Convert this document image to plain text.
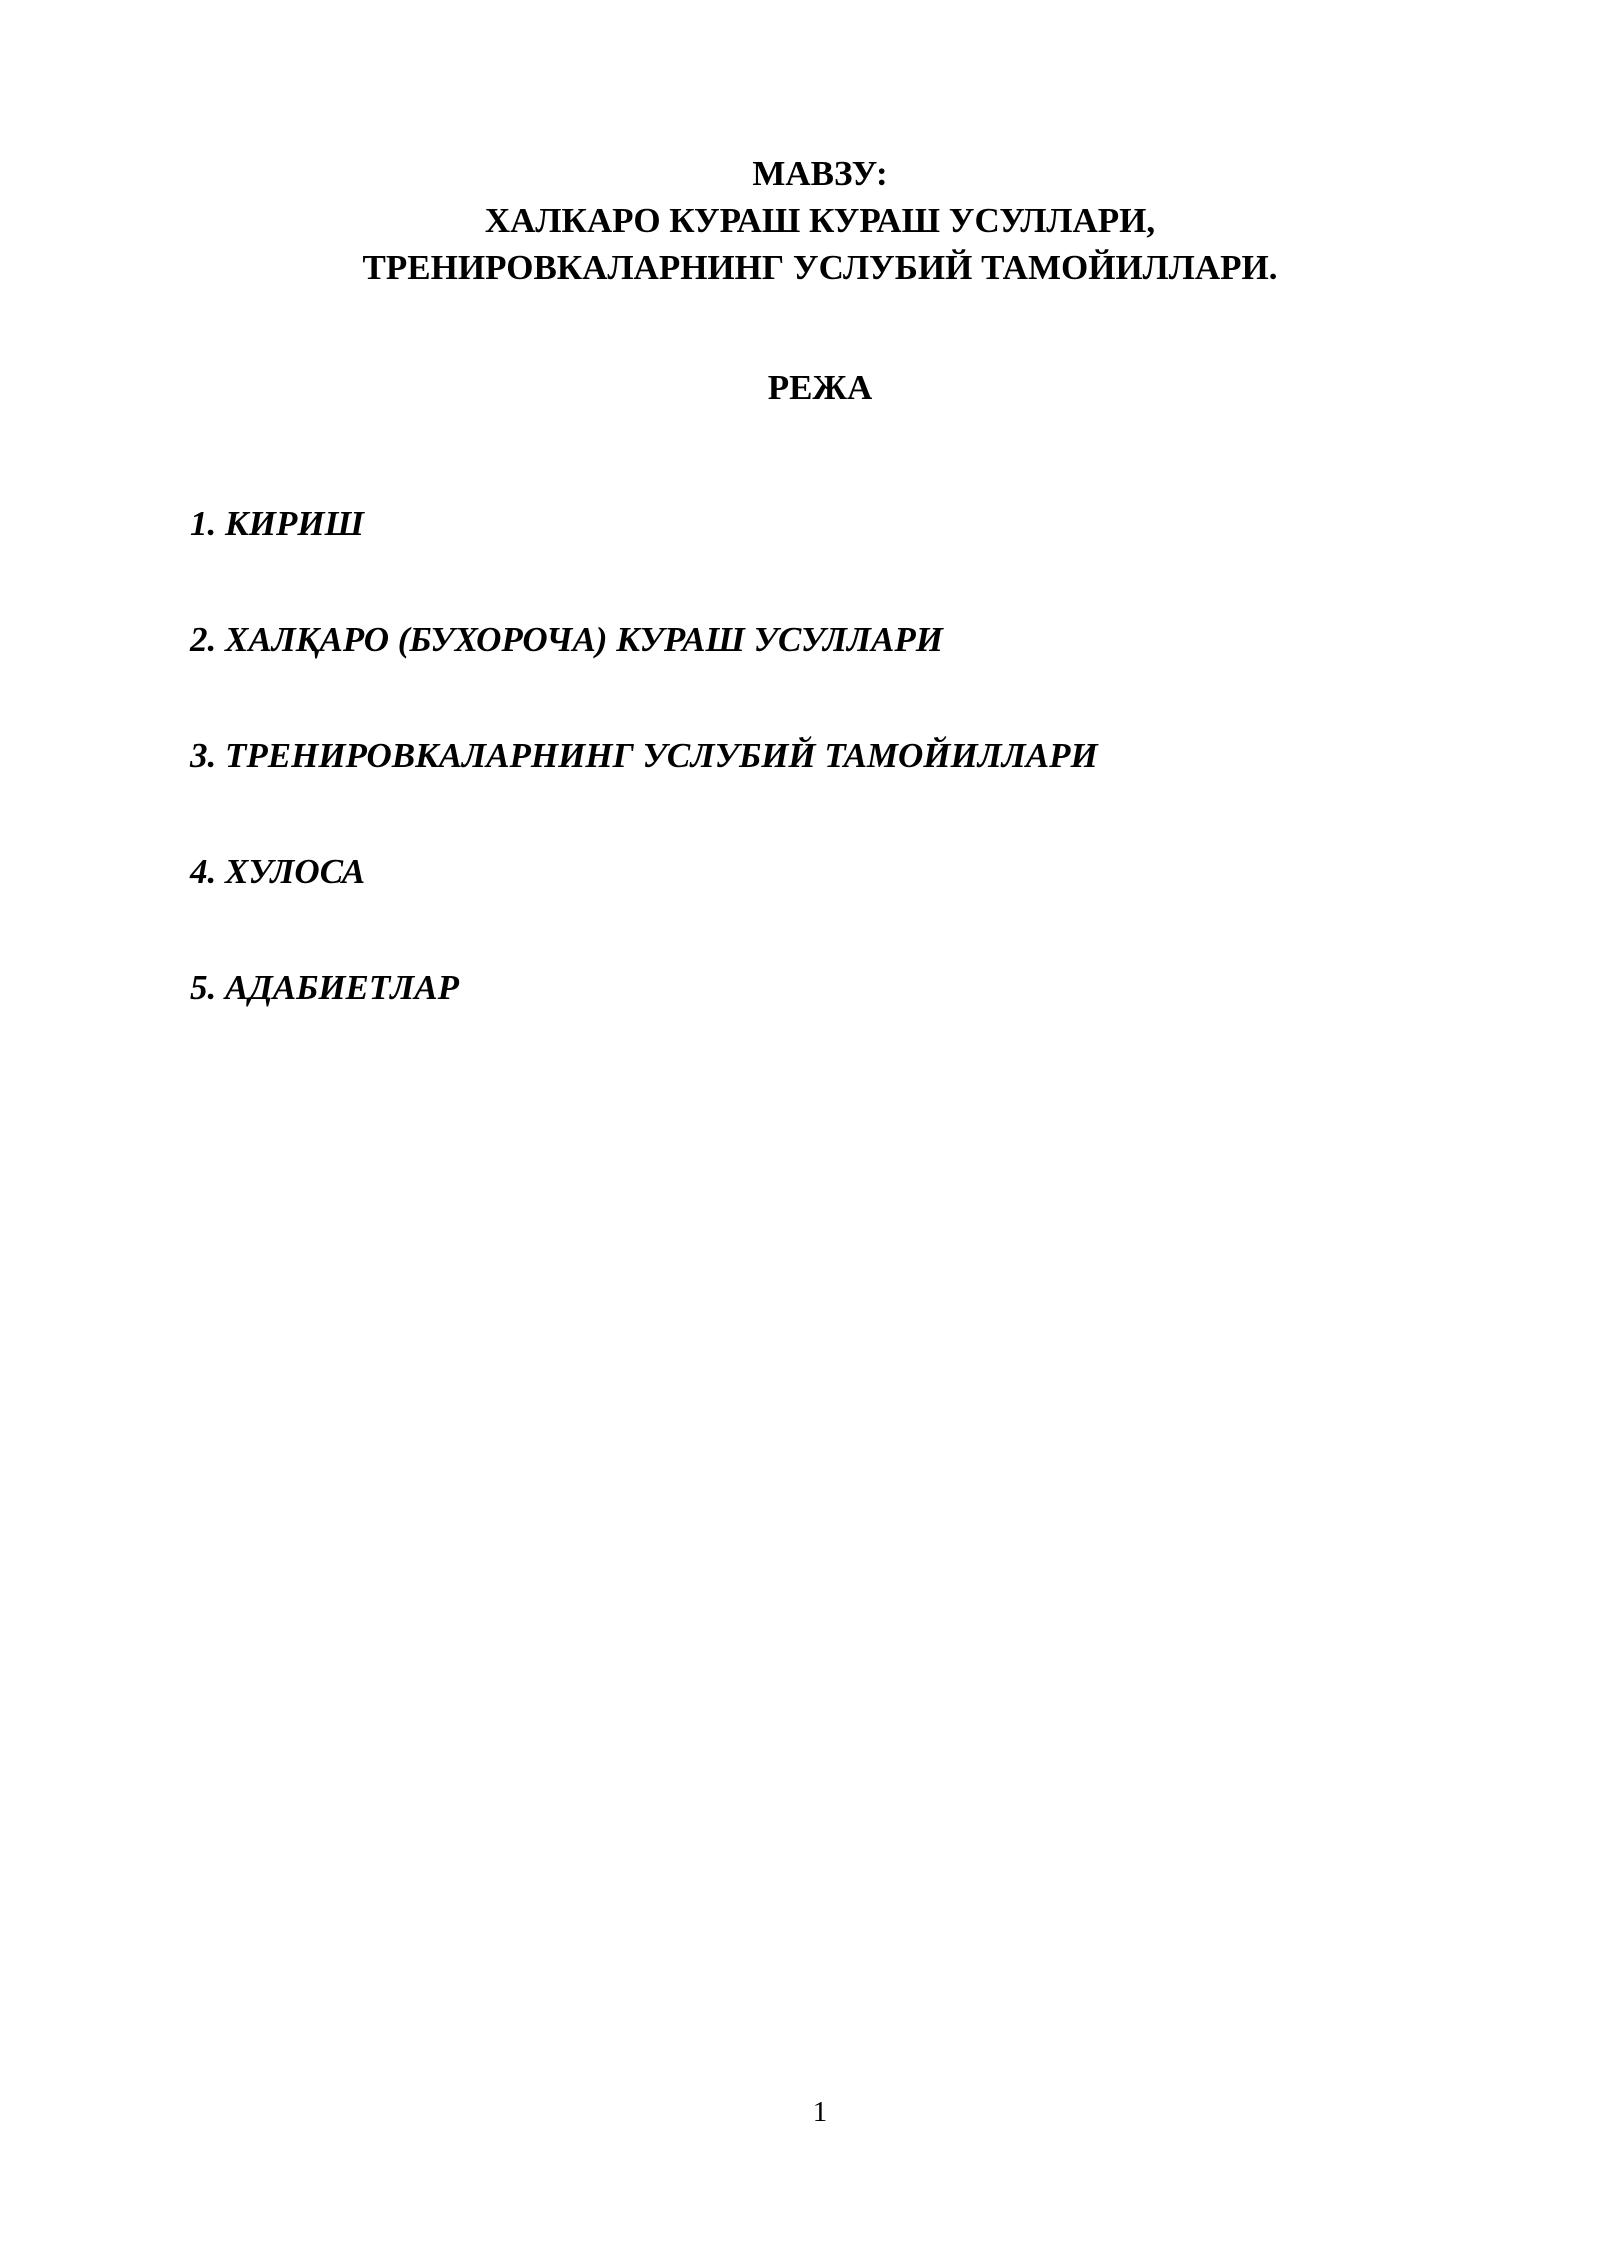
МАВЗУ:
ХАЛКАРО КУРАШ КУРАШ УСУЛЛАРИ,
ТРЕНИРОВКАЛАРНИНГ УСЛУБИЙ ТАМОЙИЛЛАРИ.
РЕЖА
1. КИРИШ
2. ХАЛҚАРО (БУХОРОЧА) КУРАШ УСУЛЛАРИ
3. ТРЕНИРОВКАЛАРНИНГ УСЛУБИЙ ТАМОЙИЛЛАРИ
4. ХУЛОСА
5. АДАБИЕТЛАР
1
